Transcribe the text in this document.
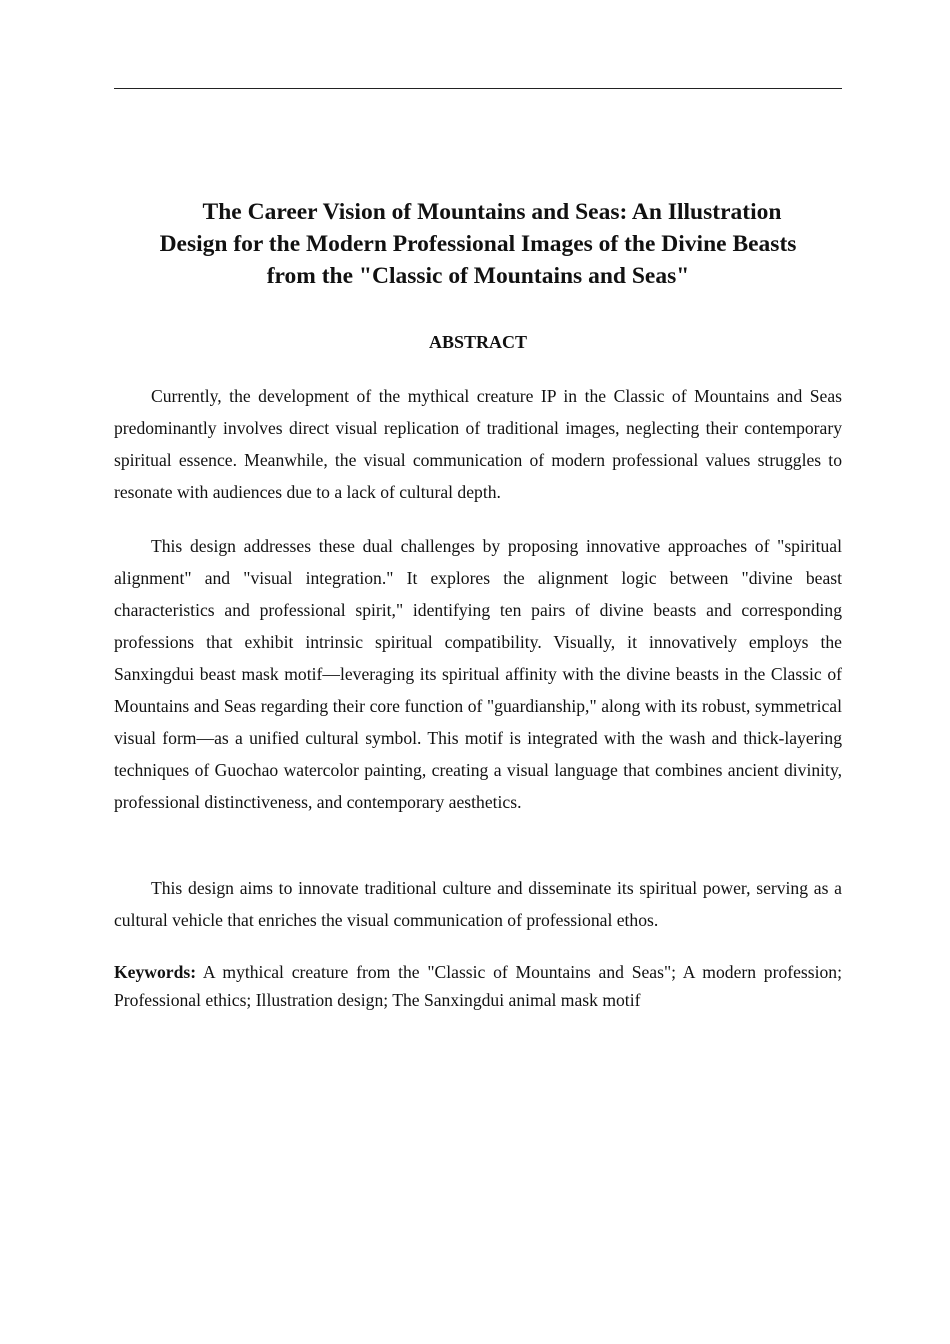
The Career Vision of Mountains and Seas: An Illustration
Design for the Modern Professional Images of the Divine Beasts
from the "Classic of Mountains and Seas"
ABSTRACT

Currently, the development of the mythical creature IP in the Classic of Mountains and Seas predominantly involves direct visual replication of traditional images, neglecting their contemporary spiritual essence. Meanwhile, the visual communication of modern professional values struggles to resonate with audiences due to a lack of cultural depth.

This design addresses these dual challenges by proposing innovative approaches of "spiritual alignment" and "visual integration." It explores the alignment logic between "divine beast characteristics and professional spirit," identifying ten pairs of divine beasts and corresponding professions that exhibit intrinsic spiritual compatibility. Visually, it innovatively employs the Sanxingdui beast mask motif—leveraging its spiritual affinity with the divine beasts in the Classic of Mountains and Seas regarding their core function of "guardianship," along with its robust, symmetrical visual form—as a unified cultural symbol. This motif is integrated with the wash and thick-layering techniques of Guochao watercolor painting, creating a visual language that combines ancient divinity, professional distinctiveness, and contemporary aesthetics.

This design aims to innovate traditional culture and disseminate its spiritual power, serving as a cultural vehicle that enriches the visual communication of professional ethos.

Keywords: A mythical creature from the "Classic of Mountains and Seas"; A modern profession; Professional ethics; Illustration design; The Sanxingdui animal mask motif
